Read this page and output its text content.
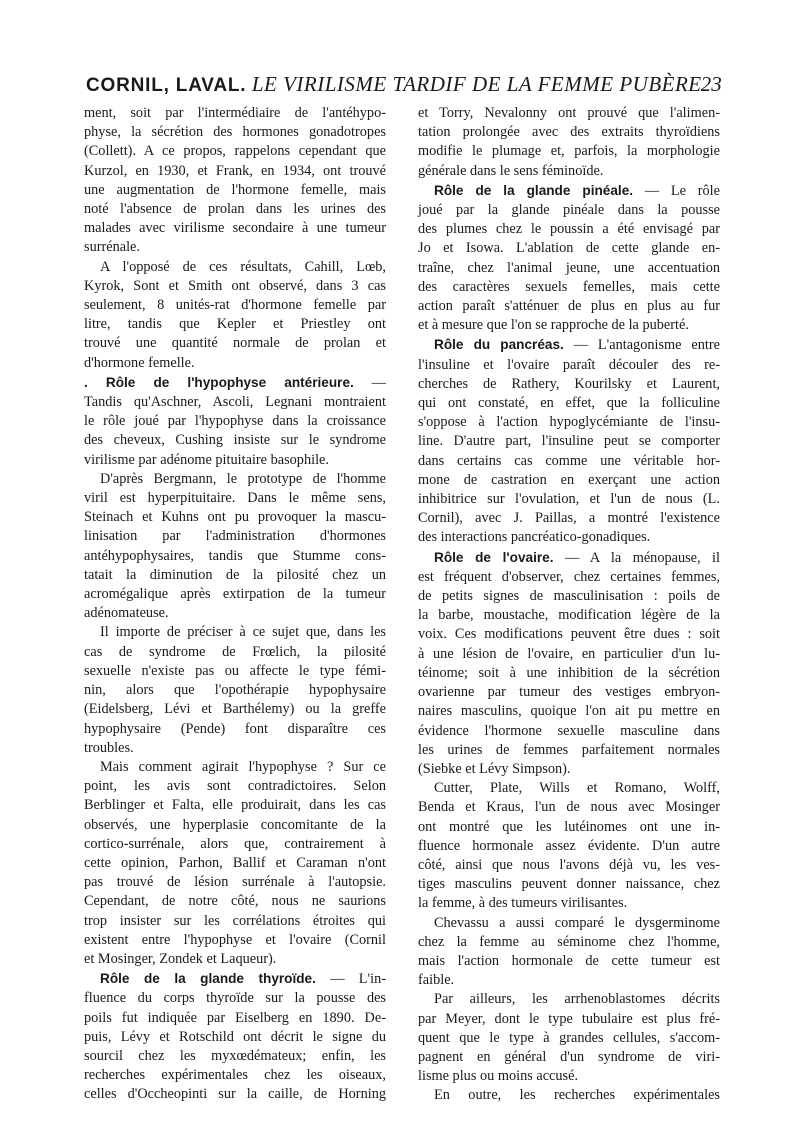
CORNIL, LAVAL. LE VIRILISME TARDIF DE LA FEMME PUBÈRE
23
ment, soit par l'intermédiaire de l'antéhypo-
physe, la sécrétion des hormones gonadotropes
(Collett). A ce propos, rappelons cependant que
Kurzol, en 1930, et Frank, en 1934, ont trouvé
une augmentation de l'hormone femelle, mais
noté l'absence de prolan dans les urines des
malades avec virilisme secondaire à une tumeur
surrénale.
A l'opposé de ces résultats, Cahill, Lœb,
Kyrok, Sont et Smith ont observé, dans 3 cas
seulement, 8 unités-rat d'hormone femelle par
litre, tandis que Kepler et Priestley ont
trouvé une quantité normale de prolan et
d'hormone femelle.
. Rôle de l'hypophyse antérieure. —
Tandis qu'Aschner, Ascoli, Legnani montraient
le rôle joué par l'hypophyse dans la croissance
des cheveux, Cushing insiste sur le syndrome
virilisme par adénome pituitaire basophile.
D'après Bergmann, le prototype de l'homme
viril est hyperpituitaire. Dans le même sens,
Steinach et Kuhns ont pu provoquer la mascu-
linisation par l'administration d'hormones
antéhypophysaires, tandis que Stumme cons-
tatait la diminution de la pilosité chez un
acromégalique après extirpation de la tumeur
adénomateuse.
Il importe de préciser à ce sujet que, dans les
cas de syndrome de Frœlich, la pilosité
sexuelle n'existe pas ou affecte le type fémi-
nin, alors que l'opothérapie hypophysaire
(Eidelsberg, Lévi et Barthélemy) ou la greffe
hypophysaire (Pende) font disparaître ces
troubles.
Mais comment agirait l'hypophyse ? Sur ce
point, les avis sont contradictoires. Selon
Berblinger et Falta, elle produirait, dans les cas
observés, une hyperplasie concomitante de la
cortico-surrénale, alors que, contrairement à
cette opinion, Parhon, Ballif et Caraman n'ont
pas trouvé de lésion surrénale à l'autopsie.
Cependant, de notre côté, nous ne saurions
trop insister sur les corrélations étroites qui
existent entre l'hypophyse et l'ovaire (Cornil
et Mosinger, Zondek et Laqueur).
Rôle de la glande thyroïde. — L'in-
fluence du corps thyroïde sur la pousse des
poils fut indiquée par Eiselberg en 1890. De-
puis, Lévy et Rotschild ont décrit le signe du
sourcil chez les myxœdémateux; enfin, les
recherches expérimentales chez les oiseaux,
celles d'Occheopinti sur la caille, de Horning
et Torry, Nevalonny ont prouvé que l'alimen-
tation prolongée avec des extraits thyroïdiens
modifie le plumage et, parfois, la morphologie
générale dans le sens féminoïde.
Rôle de la glande pinéale. — Le rôle
joué par la glande pinéale dans la pousse
des plumes chez le poussin a été envisagé par
Jo et Isowa. L'ablation de cette glande en-
traîne, chez l'animal jeune, une accentuation
des caractères sexuels femelles, mais cette
action paraît s'atténuer de plus en plus au fur
et à mesure que l'on se rapproche de la puberté.
Rôle du pancréas. — L'antagonisme entre
l'insuline et l'ovaire paraît découler des re-
cherches de Rathery, Kourilsky et Laurent,
qui ont constaté, en effet, que la folliculine
s'oppose à l'action hypoglycémiante de l'insu-
line. D'autre part, l'insuline peut se comporter
dans certains cas comme une véritable hor-
mone de castration en exerçant une action
inhibitrice sur l'ovulation, et l'un de nous (L.
Cornil), avec J. Paillas, a montré l'existence
des interactions pancréatico-gonadiques.
Rôle de l'ovaire. — A la ménopause, il
est fréquent d'observer, chez certaines femmes,
de petits signes de masculinisation : poils de
la barbe, moustache, modification légère de la
voix. Ces modifications peuvent être dues : soit
à une lésion de l'ovaire, en particulier d'un lu-
téinome; soit à une inhibition de la sécrétion
ovarienne par tumeur des vestiges embryon-
naires masculins, quoique l'on ait pu mettre en
évidence l'hormone sexuelle masculine dans
les urines de femmes parfaitement normales
(Siebke et Lévy Simpson).
Cutter, Plate, Wills et Romano, Wolff,
Benda et Kraus, l'un de nous avec Mosinger
ont montré que les lutéinomes ont une in-
fluence hormonale assez évidente. D'un autre
côté, ainsi que nous l'avons déjà vu, les ves-
tiges masculins peuvent donner naissance, chez
la femme, à des tumeurs virilisantes.
Chevassu a aussi comparé le dysgerminome
chez la femme au séminome chez l'homme,
mais l'action hormonale de cette tumeur est
faible.
Par ailleurs, les arrhenoblastomes décrits
par Meyer, dont le type tubulaire est plus fré-
quent que le type à grandes cellules, s'accom-
pagnent en général d'un syndrome de viri-
lisme plus ou moins accusé.
En outre, les recherches expérimentales
